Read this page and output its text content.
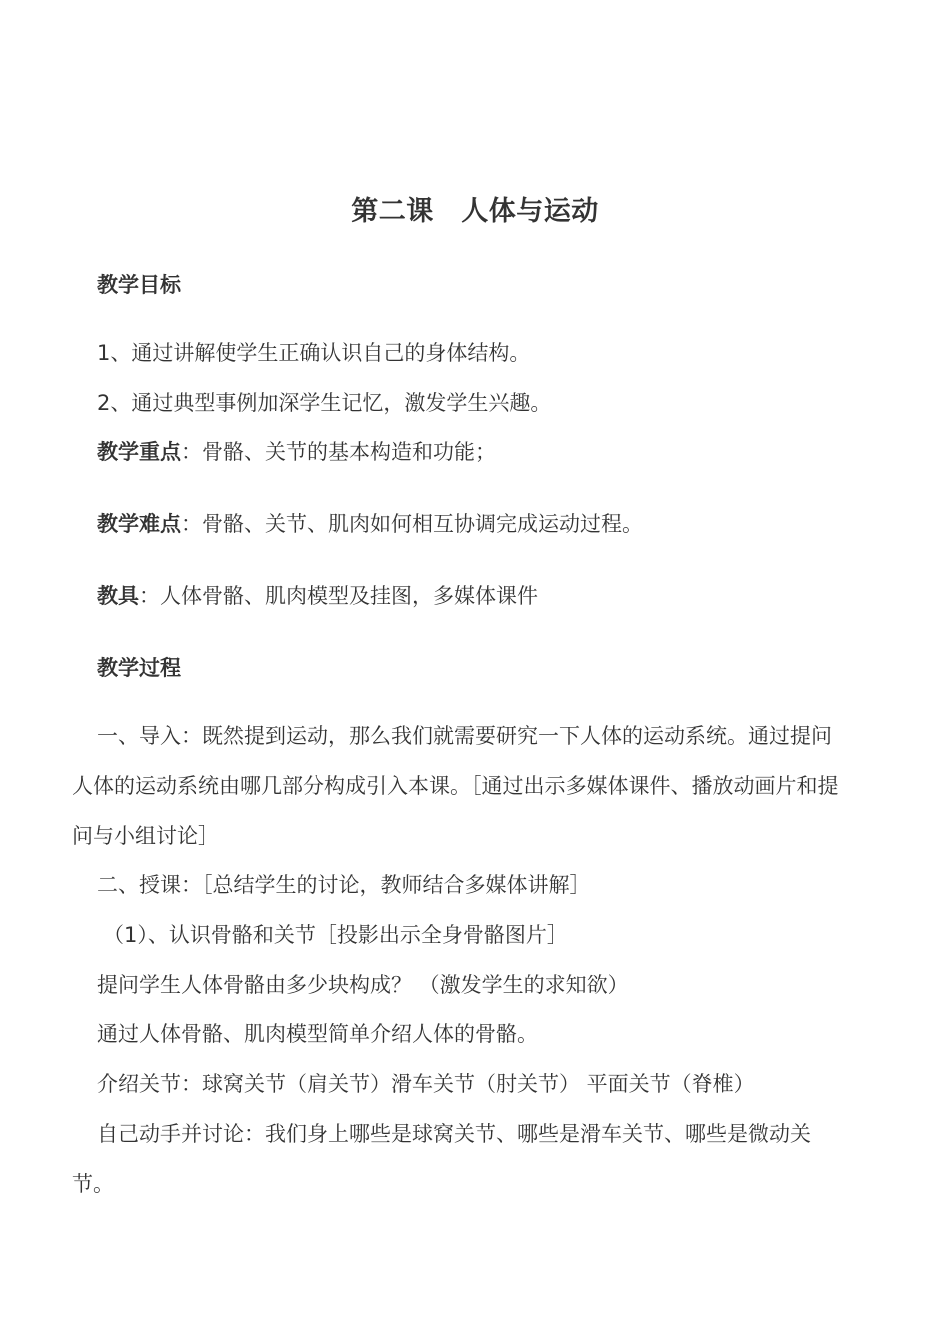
第二课　人体与运动
教学目标
1、通过讲解使学生正确认识自己的身体结构。
2、通过典型事例加深学生记忆，激发学生兴趣。
教学重点：骨骼、关节的基本构造和功能；
教学难点：骨骼、关节、肌肉如何相互协调完成运动过程。
教具：人体骨骼、肌肉模型及挂图，多媒体课件
教学过程
一、导入：既然提到运动，那么我们就需要研究一下人体的运动系统。通过提问人体的运动系统由哪几部分构成引入本课。［通过出示多媒体课件、播放动画片和提问与小组讨论］
二、授课：［总结学生的讨论，教师结合多媒体讲解］
（1）、认识骨骼和关节［投影出示全身骨骼图片］
提问学生人体骨骼由多少块构成？ （激发学生的求知欲）
通过人体骨骼、肌肉模型简单介绍人体的骨骼。
介绍关节：球窝关节（肩关节）滑车关节（肘关节） 平面关节（脊椎）
自己动手并讨论：我们身上哪些是球窝关节、哪些是滑车关节、哪些是微动关节。
